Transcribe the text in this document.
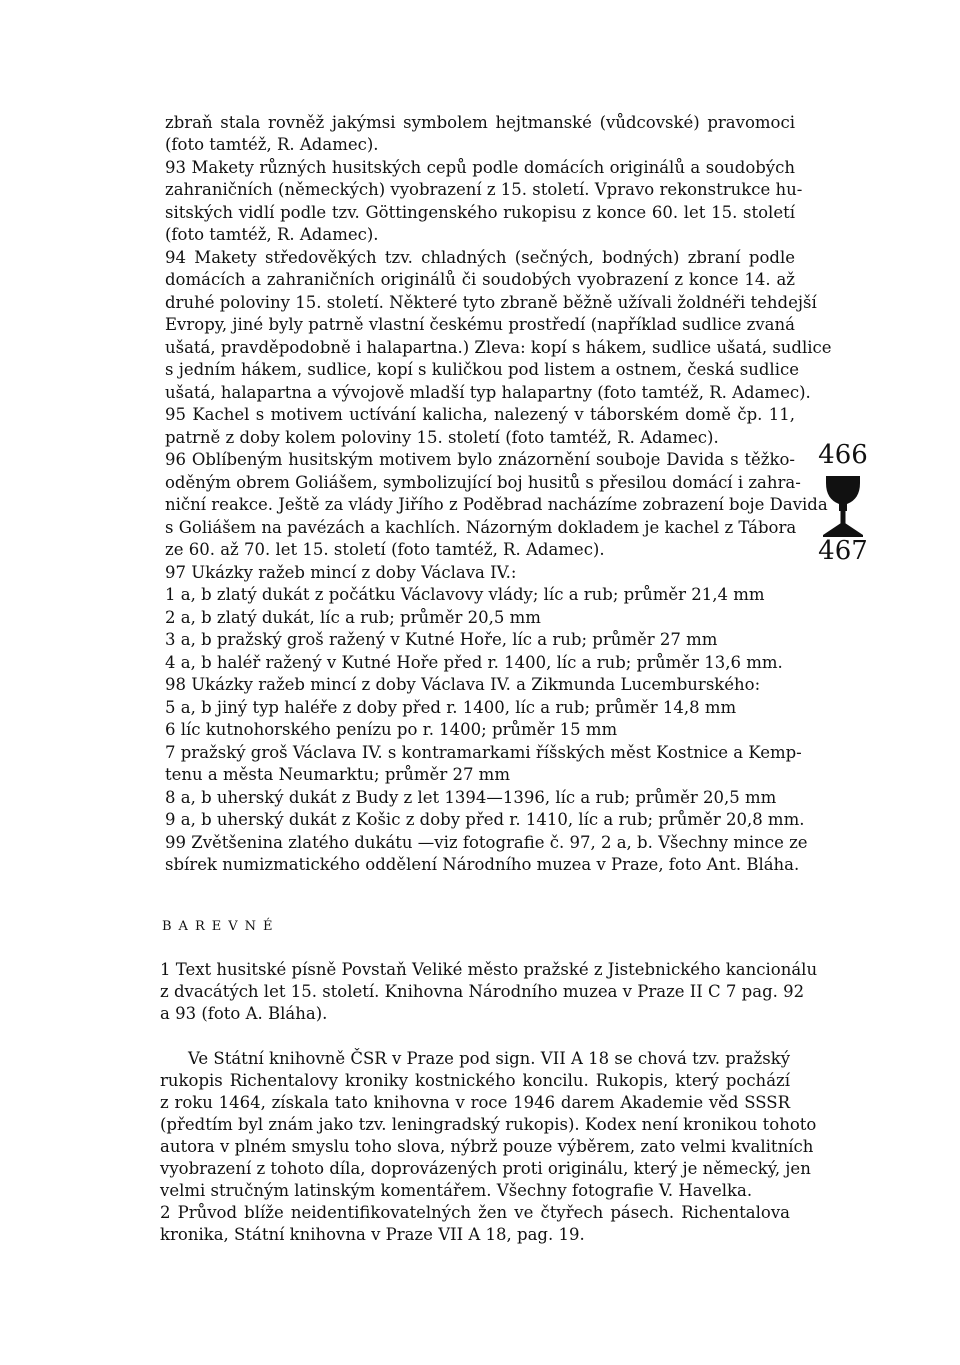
zbraň stala rovněž jakýmsi symbolem hejtmanské (vůdcovské) pravomoci
(foto tamtéž, R. Adamec).
93 Makety různých husitských cepů podle domácích originálů a soudobých
zahraničních (německých) vyobrazení z 15. století. Vpravo rekonstrukce hu-
sitských vidlí podle tzv. Göttingenského rukopisu z konce 60. let 15. století
(foto tamtéž, R. Adamec).
94 Makety středověkých tzv. chladných (sečných, bodných) zbraní podle
domácích a zahraničních originálů či soudobých vyobrazení z konce 14. až
druhé poloviny 15. století. Některé tyto zbraně běžně užívali žoldnéři tehdejší
Evropy, jiné byly patrně vlastní českému prostředí (například sudlice zvaná
ušatá, pravděpodobně i halapartna.) Zleva: kopí s hákem, sudlice ušatá, sudlice
s jedním hákem, sudlice, kopí s kuličkou pod listem a ostnem, česká sudlice
ušatá, halapartna a vývojově mladší typ halapartny (foto tamtéž, R. Adamec).
95 Kachel s motivem uctívání kalicha, nalezený v táborském domě čp. 11,
patrně z doby kolem poloviny 15. století (foto tamtéž, R. Adamec).
96 Oblíbeným husitským motivem bylo znázornění souboje Davida s těžko-
oděným obrem Goliášem, symbolizující boj husitů s přesilou domácí i zahra-
niční reakce. Ještě za vlády Jiřího z Poděbrad nacházíme zobrazení boje Davida
s Goliášem na pavézách a kachlích. Názorným dokladem je kachel z Tábora
ze 60. až 70. let 15. století (foto tamtéž, R. Adamec).
97 Ukázky ražeb mincí z doby Václava IV.:
1 a, b zlatý dukát z počátku Václavovy vlády; líc a rub; průměr 21,4 mm
2 a, b zlatý dukát, líc a rub; průměr 20,5 mm
3 a, b pražský groš ražený v Kutné Hoře, líc a rub; průměr 27 mm
4 a, b haléř ražený v Kutné Hoře před r. 1400, líc a rub; průměr 13,6 mm.
98 Ukázky ražeb mincí z doby Václava IV. a Zikmunda Lucemburského:
5 a, b jiný typ haléře z doby před r. 1400, líc a rub; průměr 14,8 mm
6 líc kutnohorského penízu po r. 1400; průměr 15 mm
7 pražský groš Václava IV. s kontramarkami říšských měst Kostnice a Kemp-
tenu a města Neumarktu; průměr 27 mm
8 a, b uherský dukát z Budy z let 1394—1396, líc a rub; průměr 20,5 mm
9 a, b uherský dukát z Košic z doby před r. 1410, líc a rub; průměr 20,8 mm.
99 Zvětšenina zlatého dukátu —viz fotografie č. 97, 2 a, b. Všechny mince ze
sbírek numizmatického oddělení Národního muzea v Praze, foto Ant. Bláha.
466
467
BAREVNÉ
1 Text husitské písně Povstaň Veliké město pražské z Jistebnického kancionálu
z dvacátých let 15. století. Knihovna Národního muzea v Praze II C 7 pag. 92
a 93 (foto A. Bláha).
Ve Státní knihovně ČSR v Praze pod sign. VII A 18 se chová tzv. pražský
rukopis Richentalovy kroniky kostnického koncilu. Rukopis, který pochází
z roku 1464, získala tato knihovna v roce 1946 darem Akademie věd SSSR
(předtím byl znám jako tzv. leningradský rukopis). Kodex není kronikou tohoto
autora v plném smyslu toho slova, nýbrž pouze výběrem, zato velmi kvalitních
vyobrazení z tohoto díla, doprovázených proti originálu, který je německý, jen
velmi stručným latinským komentářem. Všechny fotografie V. Havelka.
2 Průvod blíže neidentifikovatelných žen ve čtyřech pásech. Richentalova
kronika, Státní knihovna v Praze VII A 18, pag. 19.
